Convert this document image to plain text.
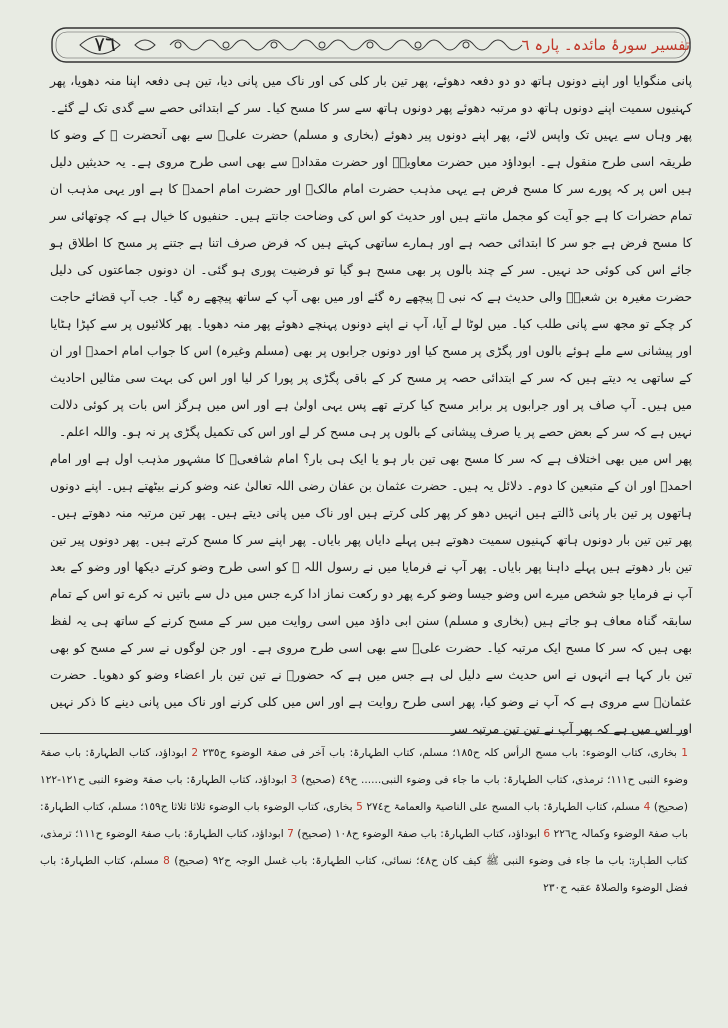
٧٦	تفسیر سورۂ مائدہ۔ پارہ ٦

پانی منگوایا اور اپنے دونوں ہاتھ دو دو دفعہ دھوئے، پھر تین بار کلی کی اور ناک میں پانی دیا، تین ہی دفعہ اپنا منہ دھویا، پھر کہنیوں سمیت اپنے دونوں ہاتھ دو مرتبہ دھوئے پھر دونوں ہاتھ سے سر کا مسح کیا۔ سر کے ابتدائی حصے سے گدی تک لے گئے۔ پھر وہاں سے یہیں تک واپس لائے، پھر اپنے دونوں پیر دھوئے (بخاری و مسلم) حضرت علیؓ سے بھی آنحضرت ﷺ کے وضو کا طریقہ اسی طرح منقول ہے۔ ابوداؤد میں حضرت معاویہؓ اور حضرت مقدادؓ سے بھی اسی طرح مروی ہے۔ یہ حدیثیں دلیل ہیں اس پر کہ پورے سر کا مسح فرض ہے یہی مذہب حضرت امام مالکؒ اور حضرت امام احمدؒ کا ہے اور یہی مذہب ان تمام حضرات کا ہے جو آیت کو مجمل مانتے ہیں اور حدیث کو اس کی وضاحت جانتے ہیں۔ حنفیوں کا خیال ہے کہ چوتھائی سر کا مسح فرض ہے جو سر کا ابتدائی حصہ ہے اور ہمارے ساتھی کہتے ہیں کہ فرض صرف اتنا ہے جتنے پر مسح کا اطلاق ہو جائے اس کی کوئی حد نہیں۔ سر کے چند بالوں پر بھی مسح ہو گیا تو فرضیت پوری ہو گئی۔ ان دونوں جماعتوں کی دلیل حضرت مغیرہ بن شعبہؓ والی حدیث ہے کہ نبی ﷺ پیچھے رہ گئے اور میں بھی آپ کے ساتھ پیچھے رہ گیا۔ جب آپ قضائے حاجت کر چکے تو مجھ سے پانی طلب کیا۔ میں لوٹا لے آیا، آپ نے اپنے دونوں پہنچے دھوئے پھر منہ دھویا۔ پھر کلائیوں پر سے کپڑا ہٹایا اور پیشانی سے ملے ہوئے بالوں اور پگڑی پر مسح کیا اور دونوں جرابوں پر بھی (مسلم وغیرہ) اس کا جواب امام احمدؒ اور ان کے ساتھی یہ دیتے ہیں کہ سر کے ابتدائی حصہ پر مسح کر کے باقی پگڑی پر پورا کر لیا اور اس کی بہت سی مثالیں احادیث میں ہیں۔ آپ صاف پر اور جرابوں پر برابر مسح کیا کرتے تھے پس یہی اولیٰ ہے اور اس میں ہرگز اس بات پر کوئی دلالت نہیں ہے کہ سر کے بعض حصے پر یا صرف پیشانی کے بالوں پر ہی مسح کر لے اور اس کی تکمیل پگڑی پر نہ ہو۔ واللہ اعلم۔

پھر اس میں بھی اختلاف ہے کہ سر کا مسح بھی تین بار ہو یا ایک ہی بار؟ امام شافعیؒ کا مشہور مذہب اول ہے اور امام احمدؒ اور ان کے متبعین کا دوم۔ دلائل یہ ہیں۔ حضرت عثمان بن عفان رضی اللہ تعالیٰ عنہ وضو کرنے بیٹھتے ہیں۔ اپنے دونوں ہاتھوں پر تین بار پانی ڈالتے ہیں انہیں دھو کر پھر کلی کرتے ہیں اور ناک میں پانی دیتے ہیں۔ پھر تین مرتبہ منہ دھوتے ہیں۔ پھر تین تین بار دونوں ہاتھ کہنیوں سمیت دھوتے ہیں پہلے دایاں پھر بایاں۔ پھر اپنے سر کا مسح کرتے ہیں۔ پھر دونوں پیر تین تین بار دھوتے ہیں پہلے داہنا پھر بایاں۔ پھر آپ نے فرمایا میں نے رسول اللہ ﷺ کو اسی طرح وضو کرتے دیکھا اور وضو کے بعد آپ نے فرمایا جو شخص میرے اس وضو جیسا وضو کرے پھر دو رکعت نماز ادا کرے جس میں دل سے باتیں نہ کرے تو اس کے تمام سابقہ گناہ معاف ہو جاتے ہیں (بخاری و مسلم) سنن ابی داؤد میں اسی روایت میں سر کے مسح کرنے کے ساتھ ہی یہ لفظ بھی ہیں کہ سر کا مسح ایک مرتبہ کیا۔ حضرت علیؓ سے بھی اسی طرح مروی ہے۔ اور جن لوگوں نے سر کے مسح کو بھی تین بار کہا ہے انہوں نے اس حدیث سے دلیل لی ہے جس میں ہے کہ حضورؐ نے تین تین بار اعضاء وضو کو دھویا۔ حضرت عثمانؓ سے مروی ہے کہ آپ نے وضو کیا، پھر اسی طرح روایت ہے اور اس میں کلی کرنے اور ناک میں پانی دینے کا ذکر نہیں اور اس میں ہے کہ پھر آپ نے تین تین مرتبہ سر

1 بخاری، کتاب الوضوء: باب مسح الرأس کلہ ح١٨٥؛ مسلم، کتاب الطہارۃ: باب آخر فی صفۃ الوضوء ح٢٣٥ 2 ابوداؤد، کتاب الطہارۃ: باب صفۃ وضوء النبی ح١١١؛ ترمذی، کتاب الطہارۃ: باب ما جاء فی وضوء النبی...... ح٤٩ (صحیح) 3 ابوداؤد، کتاب الطہارۃ: باب صفۃ وضوء النبی ح١٢١-١٢٢ (صحیح) 4 مسلم، کتاب الطہارۃ: باب المسح علی الناصیۃ والعمامۃ ح٢٧٤ 5 بخاری، کتاب الوضوء باب الوضوء ثلاثا ثلاثا ح١٥٩؛ مسلم، کتاب الطہارۃ: باب صفۃ الوضوء وکمالہ ح٢٢٦ 6 ابوداؤد، کتاب الطہارۃ: باب صفۃ الوضوء ح١٠٨ (صحیح) 7 ابوداؤد، کتاب الطہارۃ: باب صفۃ الوضوء ح١١١؛ ترمذی، کتاب الطہارۃ: باب ما جاء فی وضوء النبی ﷺ کیف کان ح٤٨؛ نسائی، کتاب الطہارۃ: باب غسل الوجہ ح٩٢ (صحیح) 8 مسلم، کتاب الطہارۃ: باب فضل الوضوء والصلاۃ عقبہ ح٢٣٠
